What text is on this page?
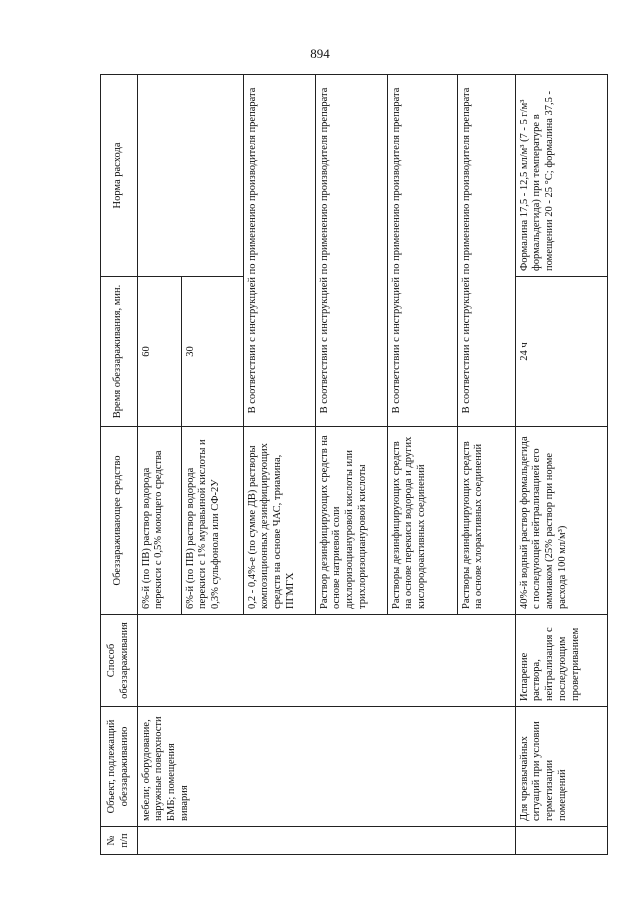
894
№ п/п	Объект, подлежащий обеззараживанию	Способ обеззараживания	Обеззараживающее средство	Время обеззараживания, мин.	Норма расхода
	мебели; оборудование, наружные поверхности БМБ; помещения вивария		6%-й (по ПВ) раствор водорода перекиси с 0,5% моющего средства	60	
			6%-й (по ПВ) раствор водорода перекиси с 1% муравьиной кислоты и 0,3% сульфонола или СФ-2У	30	
			0,2 - 0,4%-е (по сумме ДВ) растворы композиционных дезинфицирующих средств на основе ЧАС, триамина, ПГМГХ	В соответствии с инструкцией по применению производителя препарата	
			Раствор дезинфицирующих средств на основе натриевой соли дихлоризоциануровой кислоты или трихлоризоциануровой кислоты	В соответствии с инструкцией по применению производителя препарата	
			Растворы дезинфицирующих средств на основе перекиси водорода и других кислородоактивных соединений	В соответствии с инструкцией по применению производителя препарата	
			Растворы дезинфицирующих средств на основе хлорактивных соединений	В соответствии с инструкцией по применению производителя препарата	
	Для чрезвычайных ситуаций при условии герметизации помещений	Испарение раствора, нейтрализация с последующим проветриванием	40%-й водный раствор формальдегида с последующей нейтрализацией его аммиаком (25% раствор при норме расхода 100 мл/м³)	24 ч	Формалина 17,5 - 12,5 мл/м³ (7 - 5 г/м³ формальдегида) при температуре в помещении 20 - 25 °С; формалина 37,5 -
